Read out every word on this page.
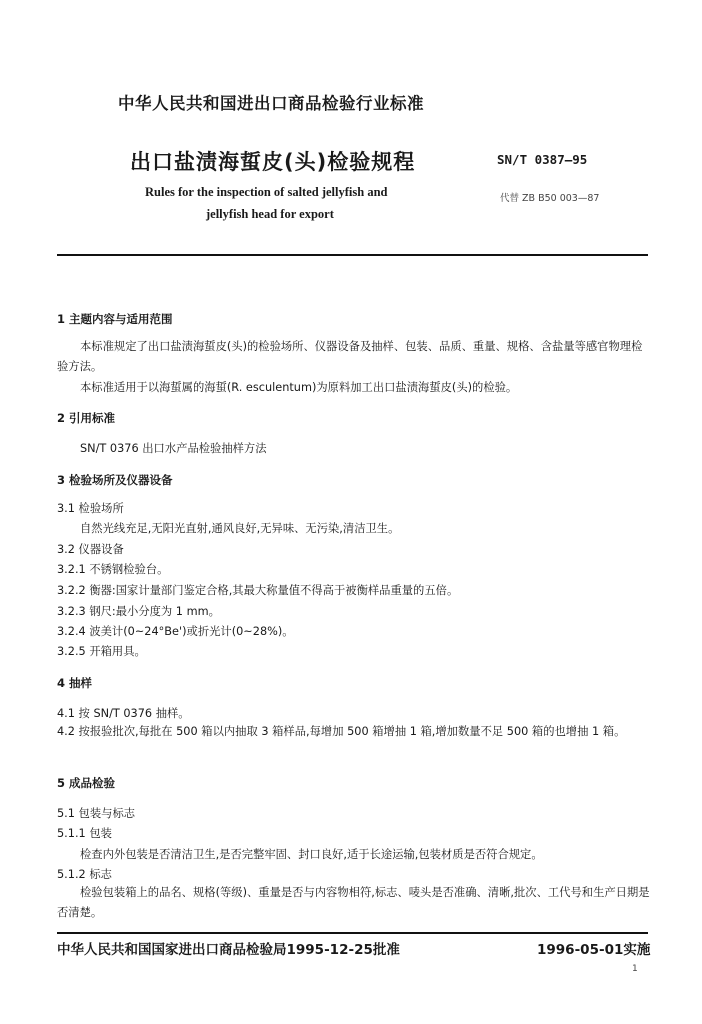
中华人民共和国进出口商品检验行业标准
出口盐渍海蜇皮(头)检验规程	SN/T 0387—95
Rules for the inspection of salted jellyfish and
jellyfish head for export
代替 ZB B50 003—87
1 主题内容与适用范围
本标准规定了出口盐渍海蜇皮(头)的检验场所、仪器设备及抽样、包装、品质、重量、规格、含盐量等感官物理检验方法。
本标准适用于以海蜇属的海蜇(R. esculentum)为原料加工出口盐渍海蜇皮(头)的检验。
2 引用标准
SN/T 0376 出口水产品检验抽样方法
3 检验场所及仪器设备
3.1 检验场所
自然光线充足,无阳光直射,通风良好,无异味、无污染,清洁卫生。
3.2 仪器设备
3.2.1 不锈钢检验台。
3.2.2 衡器:国家计量部门鉴定合格,其最大称量值不得高于被衡样品重量的五倍。
3.2.3 钢尺:最小分度为 1 mm。
3.2.4 波美计(0~24°Be')或折光计(0~28%)。
3.2.5 开箱用具。
4 抽样
4.1 按 SN/T 0376 抽样。
4.2 按报验批次,每批在 500 箱以内抽取 3 箱样品,每增加 500 箱增抽 1 箱,增加数量不足 500 箱的也增抽 1 箱。
5 成品检验
5.1 包装与标志
5.1.1 包装
检查内外包装是否清洁卫生,是否完整牢固、封口良好,适于长途运输,包装材质是否符合规定。
5.1.2 标志
检验包装箱上的品名、规格(等级)、重量是否与内容物相符,标志、唛头是否准确、清晰,批次、工代号和生产日期是否清楚。
中华人民共和国国家进出口商品检验局1995-12-25批准	1996-05-01实施
1
